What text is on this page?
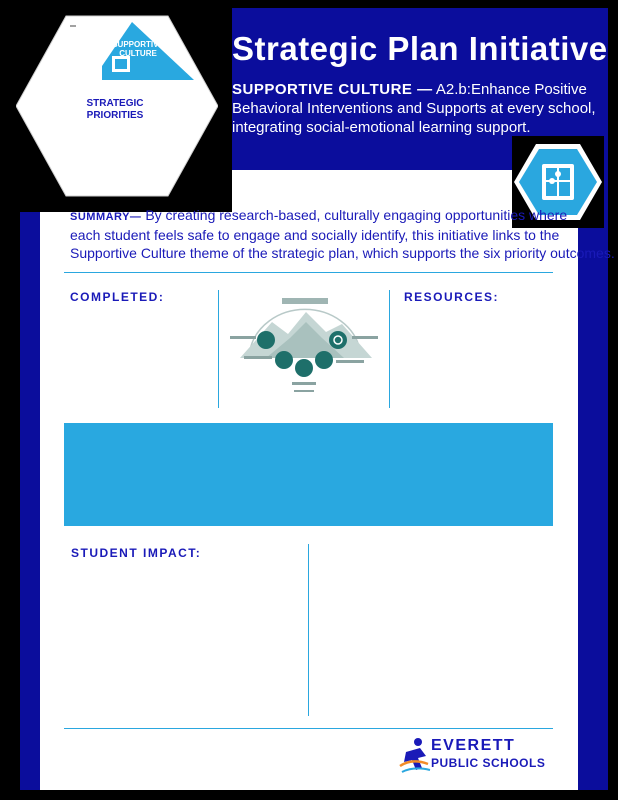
Strategic Plan Initiative
SUPPORTIVE CULTURE — A2.b:Enhance Positive
Behavioral Interventions and Supports at every school,
integrating social-emotional learning support.
SUPPORTIVE
CULTURE
STRATEGIC
PRIORITIES
SUMMARY— By creating research-based, culturally engaging opportunities where
each student feels safe to engage and socially identify, this initiative links to the
Supportive Culture theme of the strategic plan, which supports the six priority outcomes.
COMPLETED:	RESOURCES:
STUDENT IMPACT:
EVERETT
PUBLIC SCHOOLS
